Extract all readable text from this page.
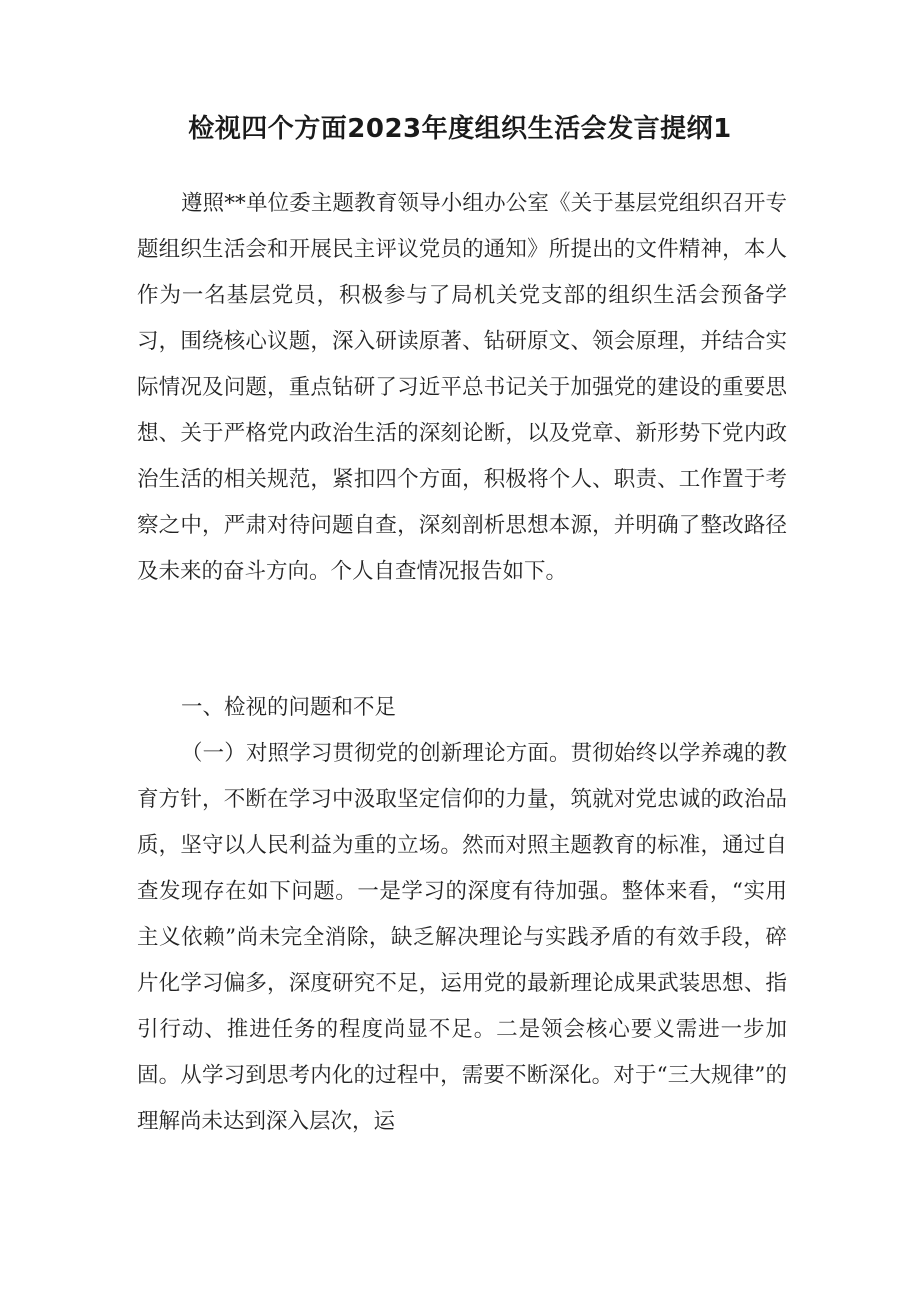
检视四个方面2023年度组织生活会发言提纲1

遵照**单位委主题教育领导小组办公室《关于基层党组织召开专题组织生活会和开展民主评议党员的通知》所提出的文件精神，本人作为一名基层党员，积极参与了局机关党支部的组织生活会预备学习，围绕核心议题，深入研读原著、钻研原文、领会原理，并结合实际情况及问题，重点钻研了习近平总书记关于加强党的建设的重要思想、关于严格党内政治生活的深刻论断，以及党章、新形势下党内政治生活的相关规范，紧扣四个方面，积极将个人、职责、工作置于考察之中，严肃对待问题自查，深刻剖析思想本源，并明确了整改路径及未来的奋斗方向。个人自查情况报告如下。

一、检视的问题和不足

（一）对照学习贯彻党的创新理论方面。贯彻始终以学养魂的教育方针，不断在学习中汲取坚定信仰的力量，筑就对党忠诚的政治品质，坚守以人民利益为重的立场。然而对照主题教育的标准，通过自查发现存在如下问题。一是学习的深度有待加强。整体来看，“实用主义依赖”尚未完全消除，缺乏解决理论与实践矛盾的有效手段，碎片化学习偏多，深度研究不足，运用党的最新理论成果武装思想、指引行动、推进任务的程度尚显不足。二是领会核心要义需进一步加固。从学习到思考内化的过程中，需要不断深化。对于“三大规律”的理解尚未达到深入层次，运
